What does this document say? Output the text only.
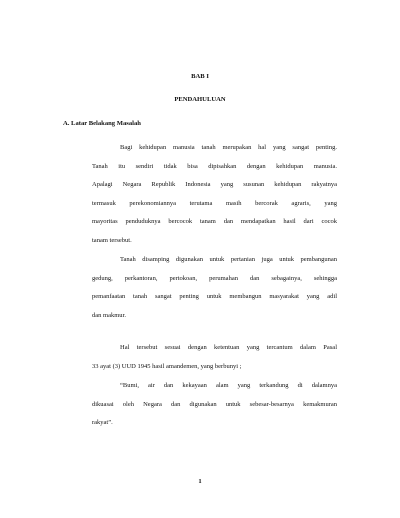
BAB I
PENDAHULUAN
A. Latar Belakang Masalah
Bagi kehidupan manusia tanah merupakan hal yang sangat penting.
Tanah itu sendiri tidak bisa dipisahkan dengan kehidupan manusia.
Apalagi Negara Republik Indonesia yang susunan kehidupan rakyatnya
termasuk perekonomiannya terutama masih bercorak agraris, yang
mayoritas penduduknya bercocok tanam dan mendapatkan hasil dari cocok
tanam tersebut.
Tanah disamping digunakan untuk pertanian juga untuk pembangunan
gedung, perkantoran, pertokoan, perumahan dan sebagainya, sehingga
pemanfaatan tanah sangat penting untuk membangun masyarakat yang adil
dan makmur.
Hal tersebut sesuai dengan ketentuan yang tercantum dalam Pasal
33 ayat (3) UUD 1945 hasil amandemen, yang berbunyi ;
“Bumi, air dan kekayaan alam yang terkandung di dalamnya
dikuasai oleh Negara dan digunakan untuk sebesar-besarnya kemakmuran
rakyat”.
1
